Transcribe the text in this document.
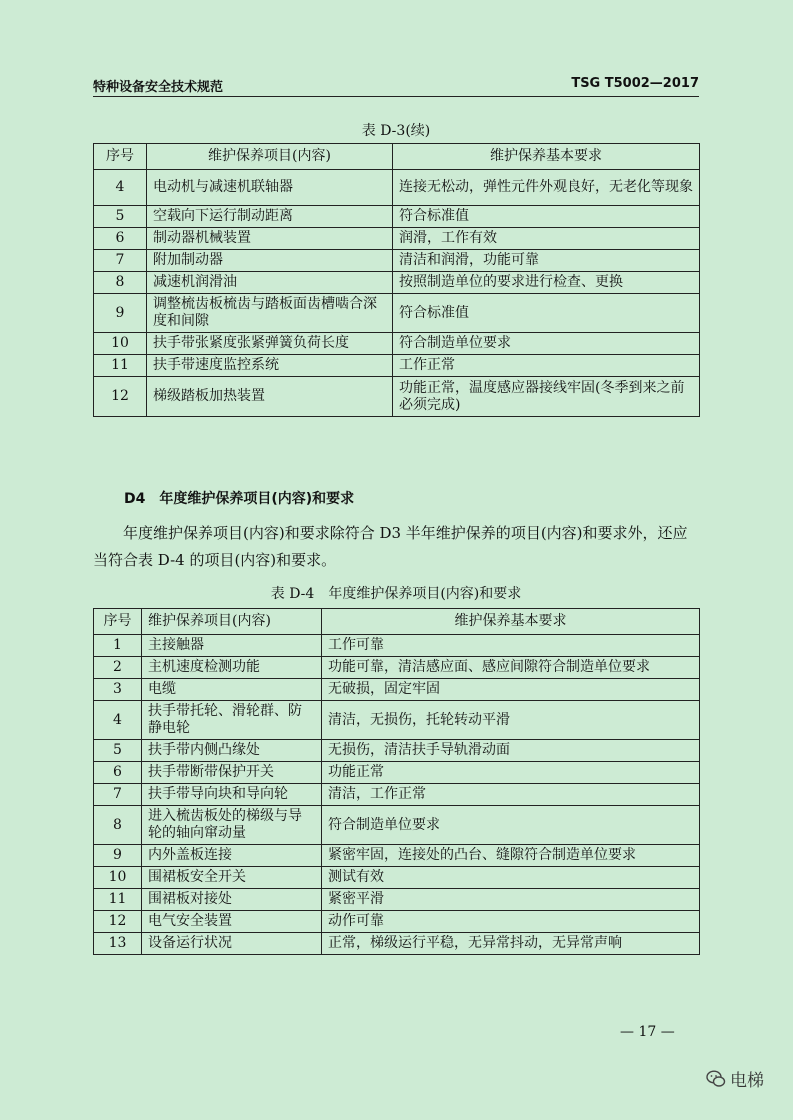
特种设备安全技术规范	TSG T5002—2017
表 D-3(续)
序号	维护保养项目(内容)	维护保养基本要求
4	电动机与减速机联轴器	连接无松动，弹性元件外观良好，无老化等现象
5	空载向下运行制动距离	符合标准值
6	制动器机械装置	润滑，工作有效
7	附加制动器	清洁和润滑，功能可靠
8	减速机润滑油	按照制造单位的要求进行检查、更换
9	调整梳齿板梳齿与踏板面齿槽啮合深度和间隙	符合标准值
10	扶手带张紧度张紧弹簧负荷长度	符合制造单位要求
11	扶手带速度监控系统	工作正常
12	梯级踏板加热装置	功能正常，温度感应器接线牢固(冬季到来之前必须完成)
D4　年度维护保养项目(内容)和要求
年度维护保养项目(内容)和要求除符合 D3 半年维护保养的项目(内容)和要求外，还应当符合表 D-4 的项目(内容)和要求。
表 D-4　年度维护保养项目(内容)和要求
序号	维护保养项目(内容)	维护保养基本要求
1	主接触器	工作可靠
2	主机速度检测功能	功能可靠，清洁感应面、感应间隙符合制造单位要求
3	电缆	无破损，固定牢固
4	扶手带托轮、滑轮群、防静电轮	清洁，无损伤，托轮转动平滑
5	扶手带内侧凸缘处	无损伤，清洁扶手导轨滑动面
6	扶手带断带保护开关	功能正常
7	扶手带导向块和导向轮	清洁，工作正常
8	进入梳齿板处的梯级与导轮的轴向窜动量	符合制造单位要求
9	内外盖板连接	紧密牢固，连接处的凸台、缝隙符合制造单位要求
10	围裙板安全开关	测试有效
11	围裙板对接处	紧密平滑
12	电气安全装置	动作可靠
13	设备运行状况	正常，梯级运行平稳，无异常抖动，无异常声响
— 17 —
电梯
